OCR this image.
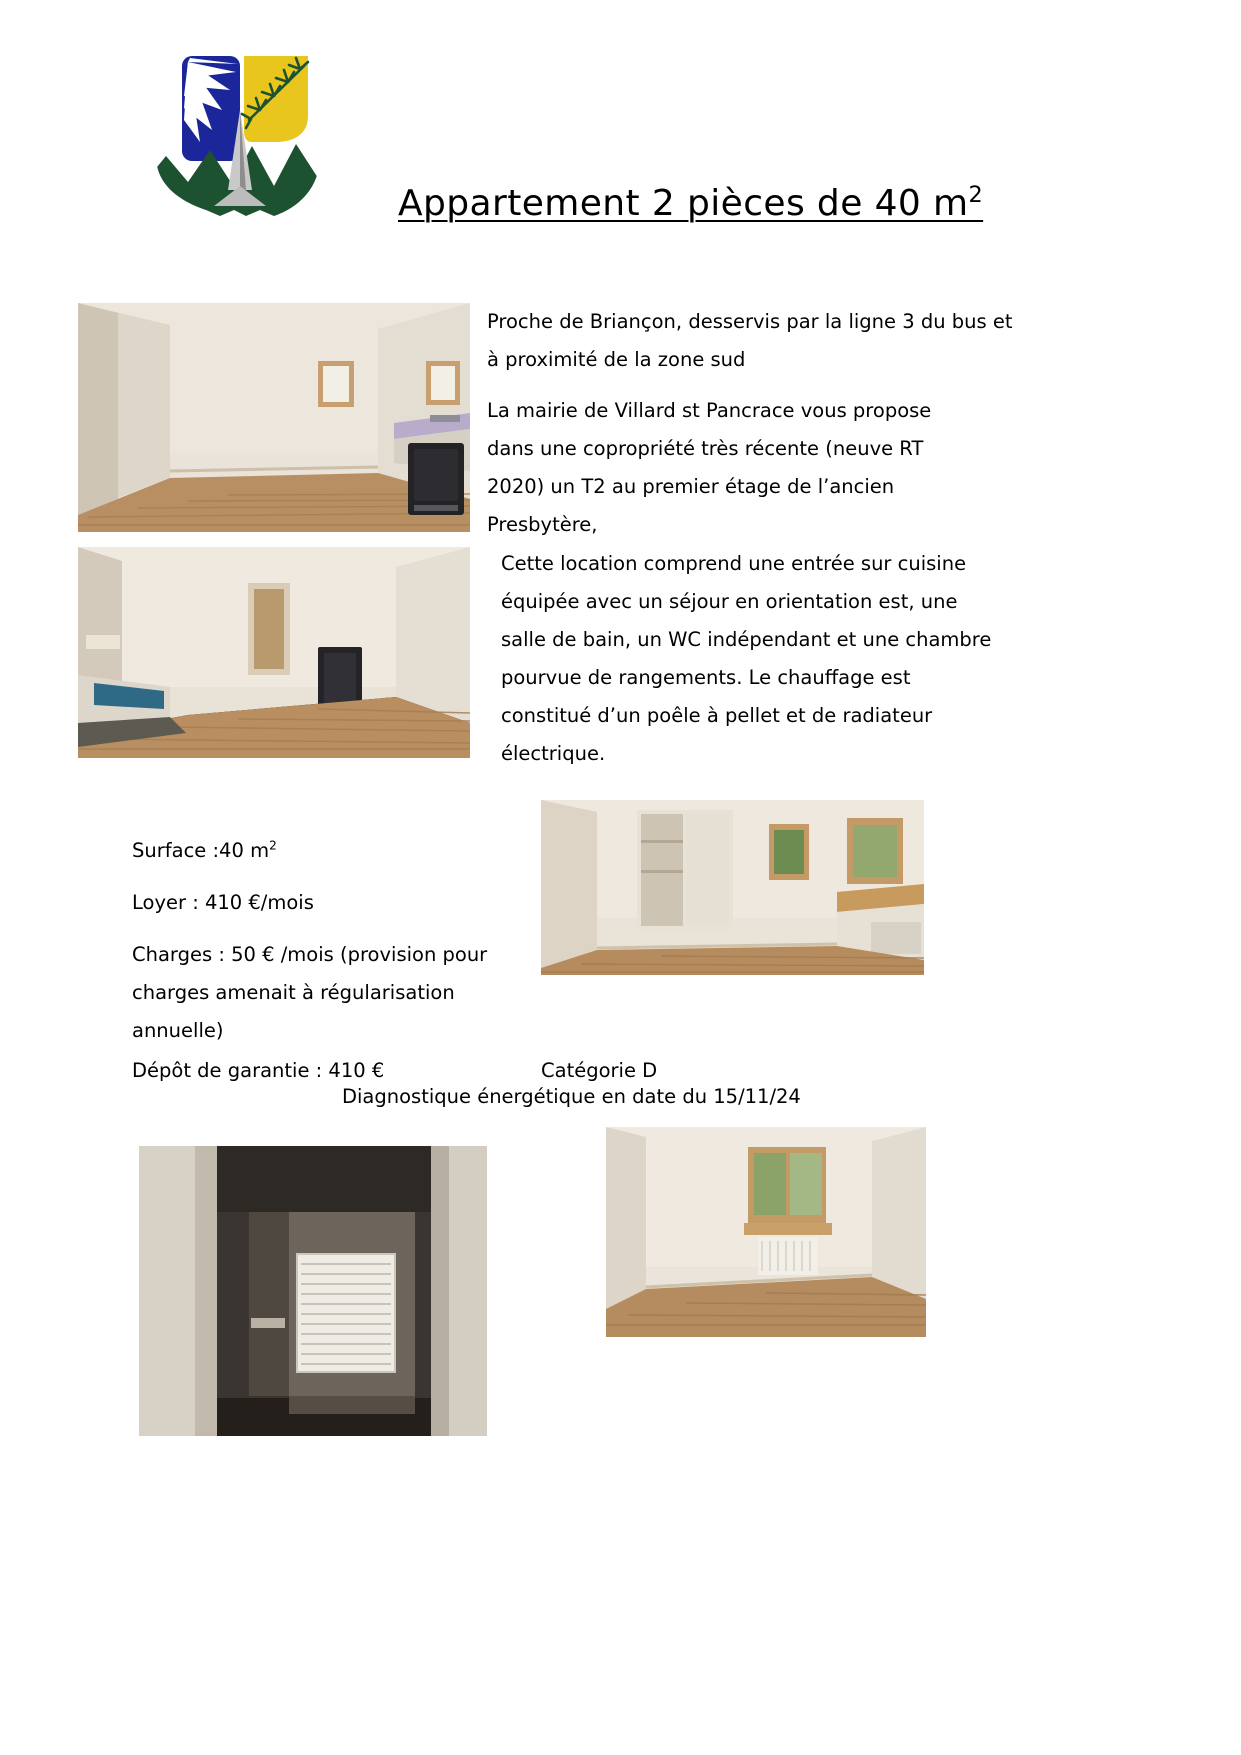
Appartement 2 pièces de 40 $m^2$
Proche de Briançon, desservis par la ligne 3 du bus et à proximité de la zone sud
La mairie de Villard st Pancrace vous propose dans une copropriété très récente (neuve RT 2020) un T2 au premier étage de l’ancien Presbytère,
Cette location comprend une entrée sur cuisine équipée avec un séjour en orientation est, une salle de bain, un WC indépendant et une chambre pourvue de rangements. Le chauffage est constitué d’un poêle à pellet et de radiateur électrique.
Surface :40 $m^2$
Loyer : 410 €/mois
Charges : 50 € /mois (provision pour charges amenait à régularisation annuelle)
Diagnostique énergétique en date du 15/11/24
Dépôt de garantie : 410 €	Catégorie D
